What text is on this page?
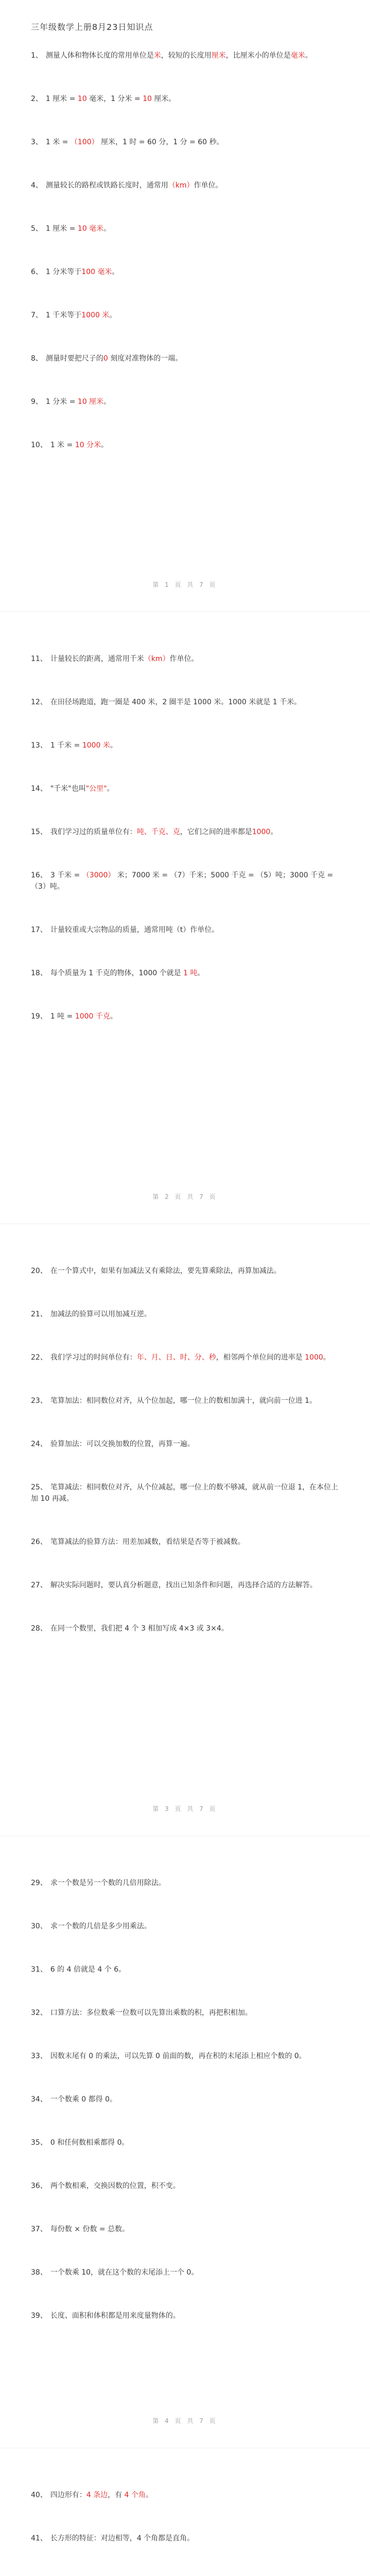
三年级数学上册8月23日知识点
1、 测量人体和物体长度的常用单位是米，较短的长度用厘米，比厘米小的单位是毫米。
2、 1 厘米 = 10 毫米，1 分米 = 10 厘米。
3、 1 米 = （100） 厘米，1 时 = 60 分，1 分 = 60 秒。
4、 测量较长的路程或铁路长度时，通常用（km）作单位。
5、 1 厘米 = 10 毫米。
6、 1 分米等于100 毫米。
7、 1 千米等于1000 米。
8、 测量时要把尺子的0 刻度对准物体的一端。
9、 1 分米 = 10 厘米。
10、 1 米 = 10 分米。
第 1 页 共 7 页
11、 计量较长的距离，通常用千米（km）作单位。
12、 在田径场跑道，跑一圈是 400 米，2 圈半是 1000 米。1000 米就是 1 千米。
13、 1 千米 = 1000 米。
14、 "千米"也叫"公里"。
15、 我们学习过的质量单位有：吨、千克、克，它们之间的进率都是1000。
16、 3 千米 = （3000） 米；7000 米 = （7）千米；5000 千克 = （5）吨；3000 千克 = （3）吨。
17、 计量较重或大宗物品的质量，通常用吨（t）作单位。
18、 每个质量为 1 千克的物体，1000 个就是 1 吨。
19、 1 吨 = 1000 千克。
第 2 页 共 7 页
20、 在一个算式中，如果有加减法又有乘除法，要先算乘除法，再算加减法。
21、 加减法的验算可以用加减互逆。
22、 我们学习过的时间单位有：年、月、日、时、分、秒，相邻两个单位间的进率是 1000。
23、 笔算加法：相同数位对齐，从个位加起，哪一位上的数相加满十，就向前一位进 1。
24、 验算加法：可以交换加数的位置，再算一遍。
25、 笔算减法：相同数位对齐，从个位减起，哪一位上的数不够减，就从前一位退 1，在本位上加 10 再减。
26、 笔算减法的验算方法：用差加减数，看结果是否等于被减数。
27、 解决实际问题时，要认真分析题意，找出已知条件和问题，再选择合适的方法解答。
28、 在同一个数里，我们把 4 个 3 相加写成 4×3 或 3×4。
第 3 页 共 7 页
29、 求一个数是另一个数的几倍用除法。
30、 求一个数的几倍是多少用乘法。
31、 6 的 4 倍就是 4 个 6。
32、 口算方法：多位数乘一位数可以先算出乘数的积，再把积相加。
33、 因数末尾有 0 的乘法，可以先算 0 前面的数，再在积的末尾添上相应个数的 0。
34、 一个数乘 0 都得 0。
35、 0 和任何数相乘都得 0。
36、 两个数相乘，交换因数的位置，积不变。
37、 每份数 × 份数 = 总数。
38、 一个数乘 10，就在这个数的末尾添上一个 0。
39、 长度、面积和体积都是用来度量物体的。
第 4 页 共 7 页
40、 四边形有：4 条边，有 4 个角。
41、 长方形的特征：对边相等，4 个角都是直角。
